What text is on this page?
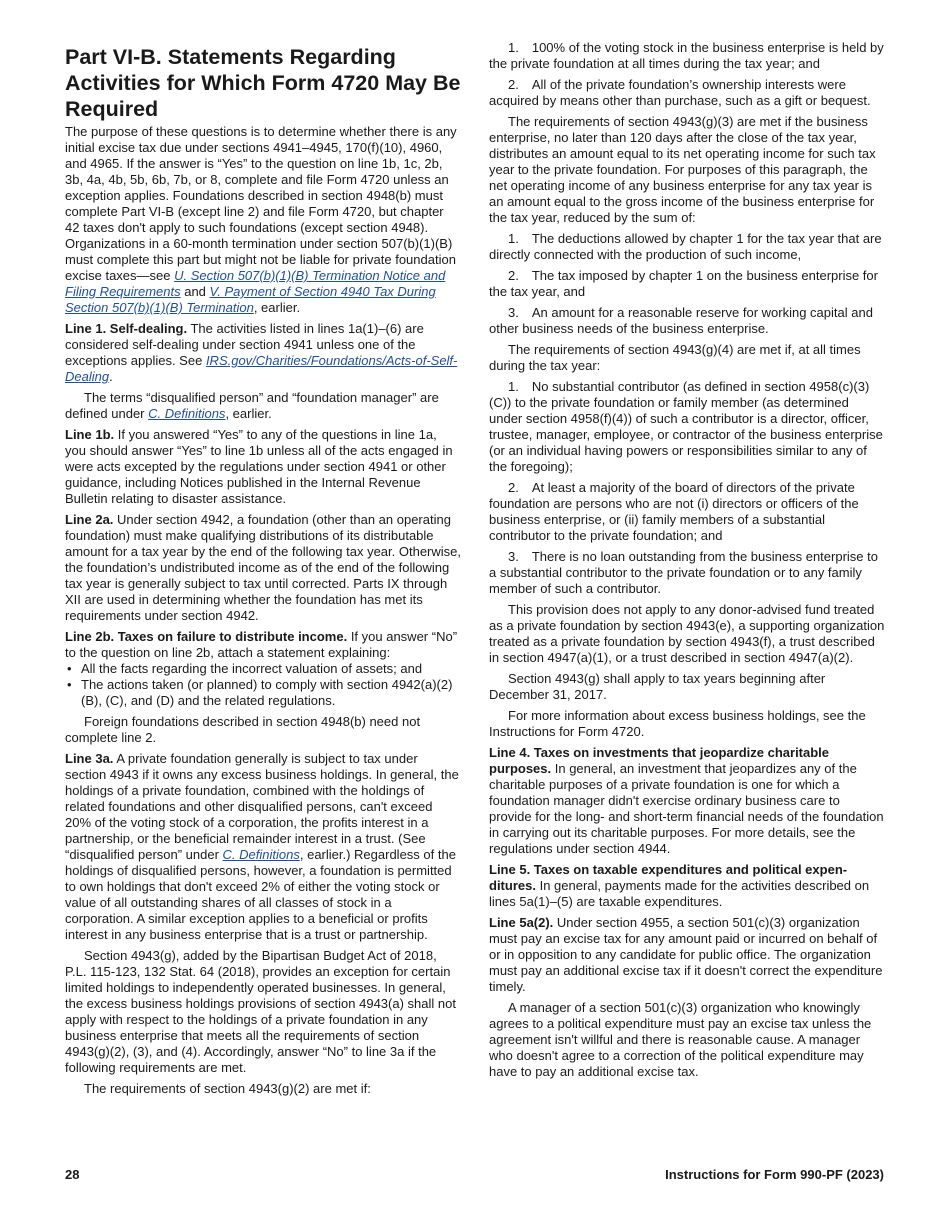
Part VI-B. Statements Regarding Activities for Which Form 4720 May Be Required

The purpose of these questions is to determine whether there is any initial excise tax due under sections 4941–4945, 170(f)(10), 4960, and 4965. If the answer is “Yes” to the question on line 1b, 1c, 2b, 3b, 4a, 4b, 5b, 6b, 7b, or 8, complete and file Form 4720 unless an exception applies. Foundations described in section 4948(b) must complete Part VI-B (except line 2) and file Form 4720, but chapter 42 taxes don't apply to such foundations (except section 4948). Organizations in a 60-month termination under section 507(b)(1)(B) must complete this part but might not be liable for private foundation excise taxes—see U. Section 507(b)(1)(B) Termination Notice and Filing Requirements and V. Payment of Section 4940 Tax During Section 507(b)(1)(B) Termination, earlier.

Line 1. Self-dealing. The activities listed in lines 1a(1)–(6) are considered self-dealing under section 4941 unless one of the exceptions applies. See IRS.gov/Charities/Foundations/Acts-of-Self-Dealing.

The terms “disqualified person” and “foundation manager” are defined under C. Definitions, earlier.

Line 1b. If you answered “Yes” to any of the questions in line 1a, you should answer “Yes” to line 1b unless all of the acts engaged in were acts excepted by the regulations under section 4941 or other guidance, including Notices published in the Internal Revenue Bulletin relating to disaster assistance.

Line 2a. Under section 4942, a foundation (other than an operating foundation) must make qualifying distributions of its distributable amount for a tax year by the end of the following tax year. Otherwise, the foundation’s undistributed income as of the end of the following tax year is generally subject to tax until corrected. Parts IX through XII are used in determining whether the foundation has met its requirements under section 4942.

Line 2b. Taxes on failure to distribute income. If you answer “No” to the question on line 2b, attach a statement explaining:

• All the facts regarding the incorrect valuation of assets; and
• The actions taken (or planned) to comply with section 4942(a)(2)(B), (C), and (D) and the related regulations.

Foreign foundations described in section 4948(b) need not complete line 2.

Line 3a. A private foundation generally is subject to tax under section 4943 if it owns any excess business holdings. In general, the holdings of a private foundation, combined with the holdings of related foundations and other disqualified persons, can't exceed 20% of the voting stock of a corporation, the profits interest in a partnership, or the beneficial remainder interest in a trust. (See “disqualified person” under C. Definitions, earlier.) Regardless of the holdings of disqualified persons, however, a foundation is permitted to own holdings that don't exceed 2% of either the voting stock or value of all outstanding shares of all classes of stock in a corporation. A similar exception applies to a beneficial or profits interest in any business enterprise that is a trust or partnership.

Section 4943(g), added by the Bipartisan Budget Act of 2018, P.L. 115-123, 132 Stat. 64 (2018), provides an exception for certain limited holdings to independently operated businesses. In general, the excess business holdings provisions of section 4943(a) shall not apply with respect to the holdings of a private foundation in any business enterprise that meets all the requirements of section 4943(g)(2), (3), and (4). Accordingly, answer “No” to line 3a if the following requirements are met.

The requirements of section 4943(g)(2) are met if:

1. 100% of the voting stock in the business enterprise is held by the private foundation at all times during the tax year; and

2. All of the private foundation’s ownership interests were acquired by means other than purchase, such as a gift or bequest.

The requirements of section 4943(g)(3) are met if the business enterprise, no later than 120 days after the close of the tax year, distributes an amount equal to its net operating income for such tax year to the private foundation. For purposes of this paragraph, the net operating income of any business enterprise for any tax year is an amount equal to the gross income of the business enterprise for the tax year, reduced by the sum of:

1. The deductions allowed by chapter 1 for the tax year that are directly connected with the production of such income,

2. The tax imposed by chapter 1 on the business enterprise for the tax year, and

3. An amount for a reasonable reserve for working capital and other business needs of the business enterprise.

The requirements of section 4943(g)(4) are met if, at all times during the tax year:

1. No substantial contributor (as defined in section 4958(c)(3)(C)) to the private foundation or family member (as determined under section 4958(f)(4)) of such a contributor is a director, officer, trustee, manager, employee, or contractor of the business enterprise (or an individual having powers or responsibilities similar to any of the foregoing);

2. At least a majority of the board of directors of the private foundation are persons who are not (i) directors or officers of the business enterprise, or (ii) family members of a substantial contributor to the private foundation; and

3. There is no loan outstanding from the business enterprise to a substantial contributor to the private foundation or to any family member of such a contributor.

This provision does not apply to any donor-advised fund treated as a private foundation by section 4943(e), a supporting organization treated as a private foundation by section 4943(f), a trust described in section 4947(a)(1), or a trust described in section 4947(a)(2).

Section 4943(g) shall apply to tax years beginning after December 31, 2017.

For more information about excess business holdings, see the Instructions for Form 4720.

Line 4. Taxes on investments that jeopardize charitable purposes. In general, an investment that jeopardizes any of the charitable purposes of a private foundation is one for which a foundation manager didn't exercise ordinary business care to provide for the long- and short-term financial needs of the foundation in carrying out its charitable purposes. For more details, see the regulations under section 4944.

Line 5. Taxes on taxable expenditures and political expenditures. In general, payments made for the activities described on lines 5a(1)–(5) are taxable expenditures.

Line 5a(2). Under section 4955, a section 501(c)(3) organization must pay an excise tax for any amount paid or incurred on behalf of or in opposition to any candidate for public office. The organization must pay an additional excise tax if it doesn't correct the expenditure timely.

A manager of a section 501(c)(3) organization who knowingly agrees to a political expenditure must pay an excise tax unless the agreement isn't willful and there is reasonable cause. A manager who doesn't agree to a correction of the political expenditure may have to pay an additional excise tax.

28	Instructions for Form 990-PF (2023)
